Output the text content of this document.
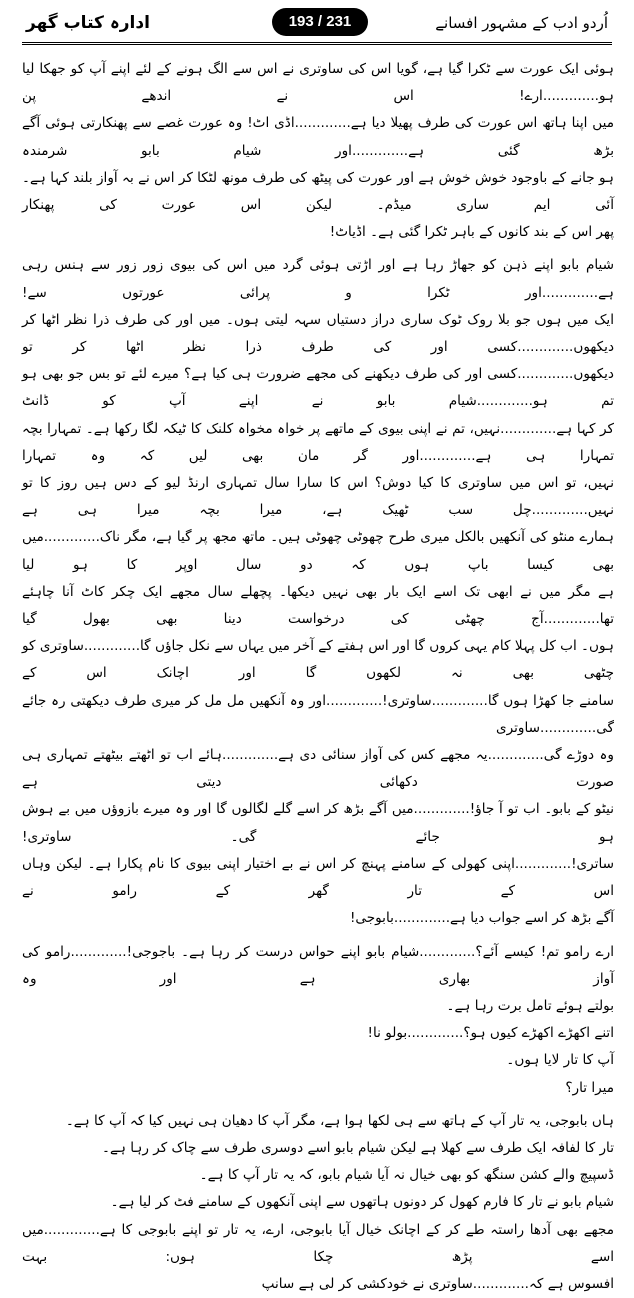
ادارہ کتاب گھر	193 / 231	اُردو ادب کے مشہور افسانے

ہوئی ایک عورت سے ٹکرا گیا ہے، گویا اس کی ساوتری نے اس سے الگ ہونے کے لئے اپنے آپ کو جھکا لیا ہو.............ارے! اس نے اندھے پن

میں اپنا ہاتھ اس عورت کی طرف پھیلا دیا ہے.............اڈی اٹ! وہ عورت غصے سے پھنکارتی ہوئی آگے بڑھ گئی ہے.............اور شیام بابو شرمندہ

ہو جانے کے باوجود خوش خوش ہے اور عورت کی پیٹھ کی طرف مونھ لٹکا کر اس نے بہ آواز بلند کہا ہے۔ آئی ایم ساری میڈم۔ لیکن اس عورت کی پھنکار

پھر اس کے بند کانوں کے باہر ٹکرا گئی ہے۔ اڈیاٹ!

شیام بابو اپنے ذہن کو جھاڑ رہا ہے اور اڑتی ہوئی گرد میں اس کی بیوی زور زور سے ہنس رہی ہے.............اور ٹکرا و پرائی عورتوں سے!

ایک میں ہوں جو بلا روک ٹوک ساری دراز دستیاں سہہ لیتی ہوں۔ میں اور کی طرف ذرا نظر اٹھا کر دیکھوں.............کسی اور کی طرف ذرا نظر اٹھا کر تو

دیکھوں.............کسی اور کی طرف دیکھنے کی مجھے ضرورت ہی کیا ہے؟ میرے لئے تو بس جو بھی ہو تم ہو.............شیام بابو نے اپنے آپ کو ڈانٹ

کر کہا ہے.............نہیں، تم نے اپنی بیوی کے ماتھے پر خواہ مخواہ کلنک کا ٹیکہ لگا رکھا ہے۔ تمہارا بچہ تمہارا ہی ہے.............اور گر مان بھی لیں کہ وہ تمہارا

نہیں، تو اس میں ساوتری کا کیا دوش؟ اس کا سارا سال تمہاری ارنڈ لیو کے دس ہیں روز کا تو نہیں.............چل سب ٹھیک ہے، میرا بچہ میرا ہی ہے

ہمارے منٹو کی آنکھیں بالکل میری طرح چھوٹی چھوٹی ہیں۔ ماتھ مجھ پر گیا ہے، مگر ناک.............میں بھی کیسا باپ ہوں کہ دو سال اوپر کا ہو لیا

ہے مگر میں نے ابھی تک اسے ایک بار بھی نہیں دیکھا۔ پچھلے سال مجھے ایک چکر کاٹ آنا چاہئے تھا.............آج چھٹی کی درخواست دینا بھی بھول گیا

ہوں۔ اب کل پہلا کام یہی کروں گا اور اس ہفتے کے آخر میں یہاں سے نکل جاؤں گا.............ساوتری کو چٹھی بھی نہ لکھوں گا اور اچانک اس کے

سامنے جا کھڑا ہوں گا.............ساوتری!.............اور وہ آنکھیں مل مل کر میری طرف دیکھتی رہ جائے گی.............ساوتری

وہ دوڑے گی.............یہ مجھے کس کی آواز سنائی دی ہے.............ہائے اب تو اٹھتے بیٹھتے تمہاری ہی صورت دکھائی دیتی ہے

نیٹو کے بابو۔ اب تو آ جاؤ!.............میں آگے بڑھ کر اسے گلے لگالوں گا اور وہ میرے بازوؤں میں بے ہوش ہو جائے گی۔ ساوتری!

ساتری!.............اپنی کھولی کے سامنے پہنچ کر اس نے بے اختیار اپنی بیوی کا نام پکارا ہے۔ لیکن وہاں اس کے تار گھر کے رامو نے

آگے بڑھ کر اسے جواب دیا ہے.............بابوجی!

ارے رامو تم! کیسے آئے؟.............شیام بابو اپنے حواس درست کر رہا ہے۔ باجوجی!.............رامو کی آواز بھاری ہے اور وہ

بولتے ہوئے تامل برت رہا ہے۔

اتنے اکھڑے اکھڑے کیوں ہو؟.............بولو نا!

آپ کا تار لایا ہوں۔

میرا تار؟

ہاں بابوجی، یہ تار آپ کے ہاتھ سے ہی لکھا ہوا ہے، مگر آپ کا دھیان ہی نہیں کیا کہ آپ کا ہے۔

تار کا لفافہ ایک طرف سے کھلا ہے لیکن شیام بابو اسے دوسری طرف سے چاک کر رہا ہے۔

ڈسپیچ والے کشن سنگھ کو بھی خیال نہ آیا شیام بابو، کہ یہ تار آپ کا ہے۔

شیام بابو نے تار کا فارم کھول کر دونوں ہاتھوں سے اپنی آنکھوں کے سامنے فٹ کر لیا ہے۔

مجھے بھی آدھا راستہ طے کر کے اچانک خیال آیا بابوجی، ارے، یہ تار تو اپنے بابوجی کا ہے.............میں اسے پڑھ چکا ہوں: بہت

افسوس ہے کہ.............ساوتری نے خودکشی کر لی ہے سانپ
